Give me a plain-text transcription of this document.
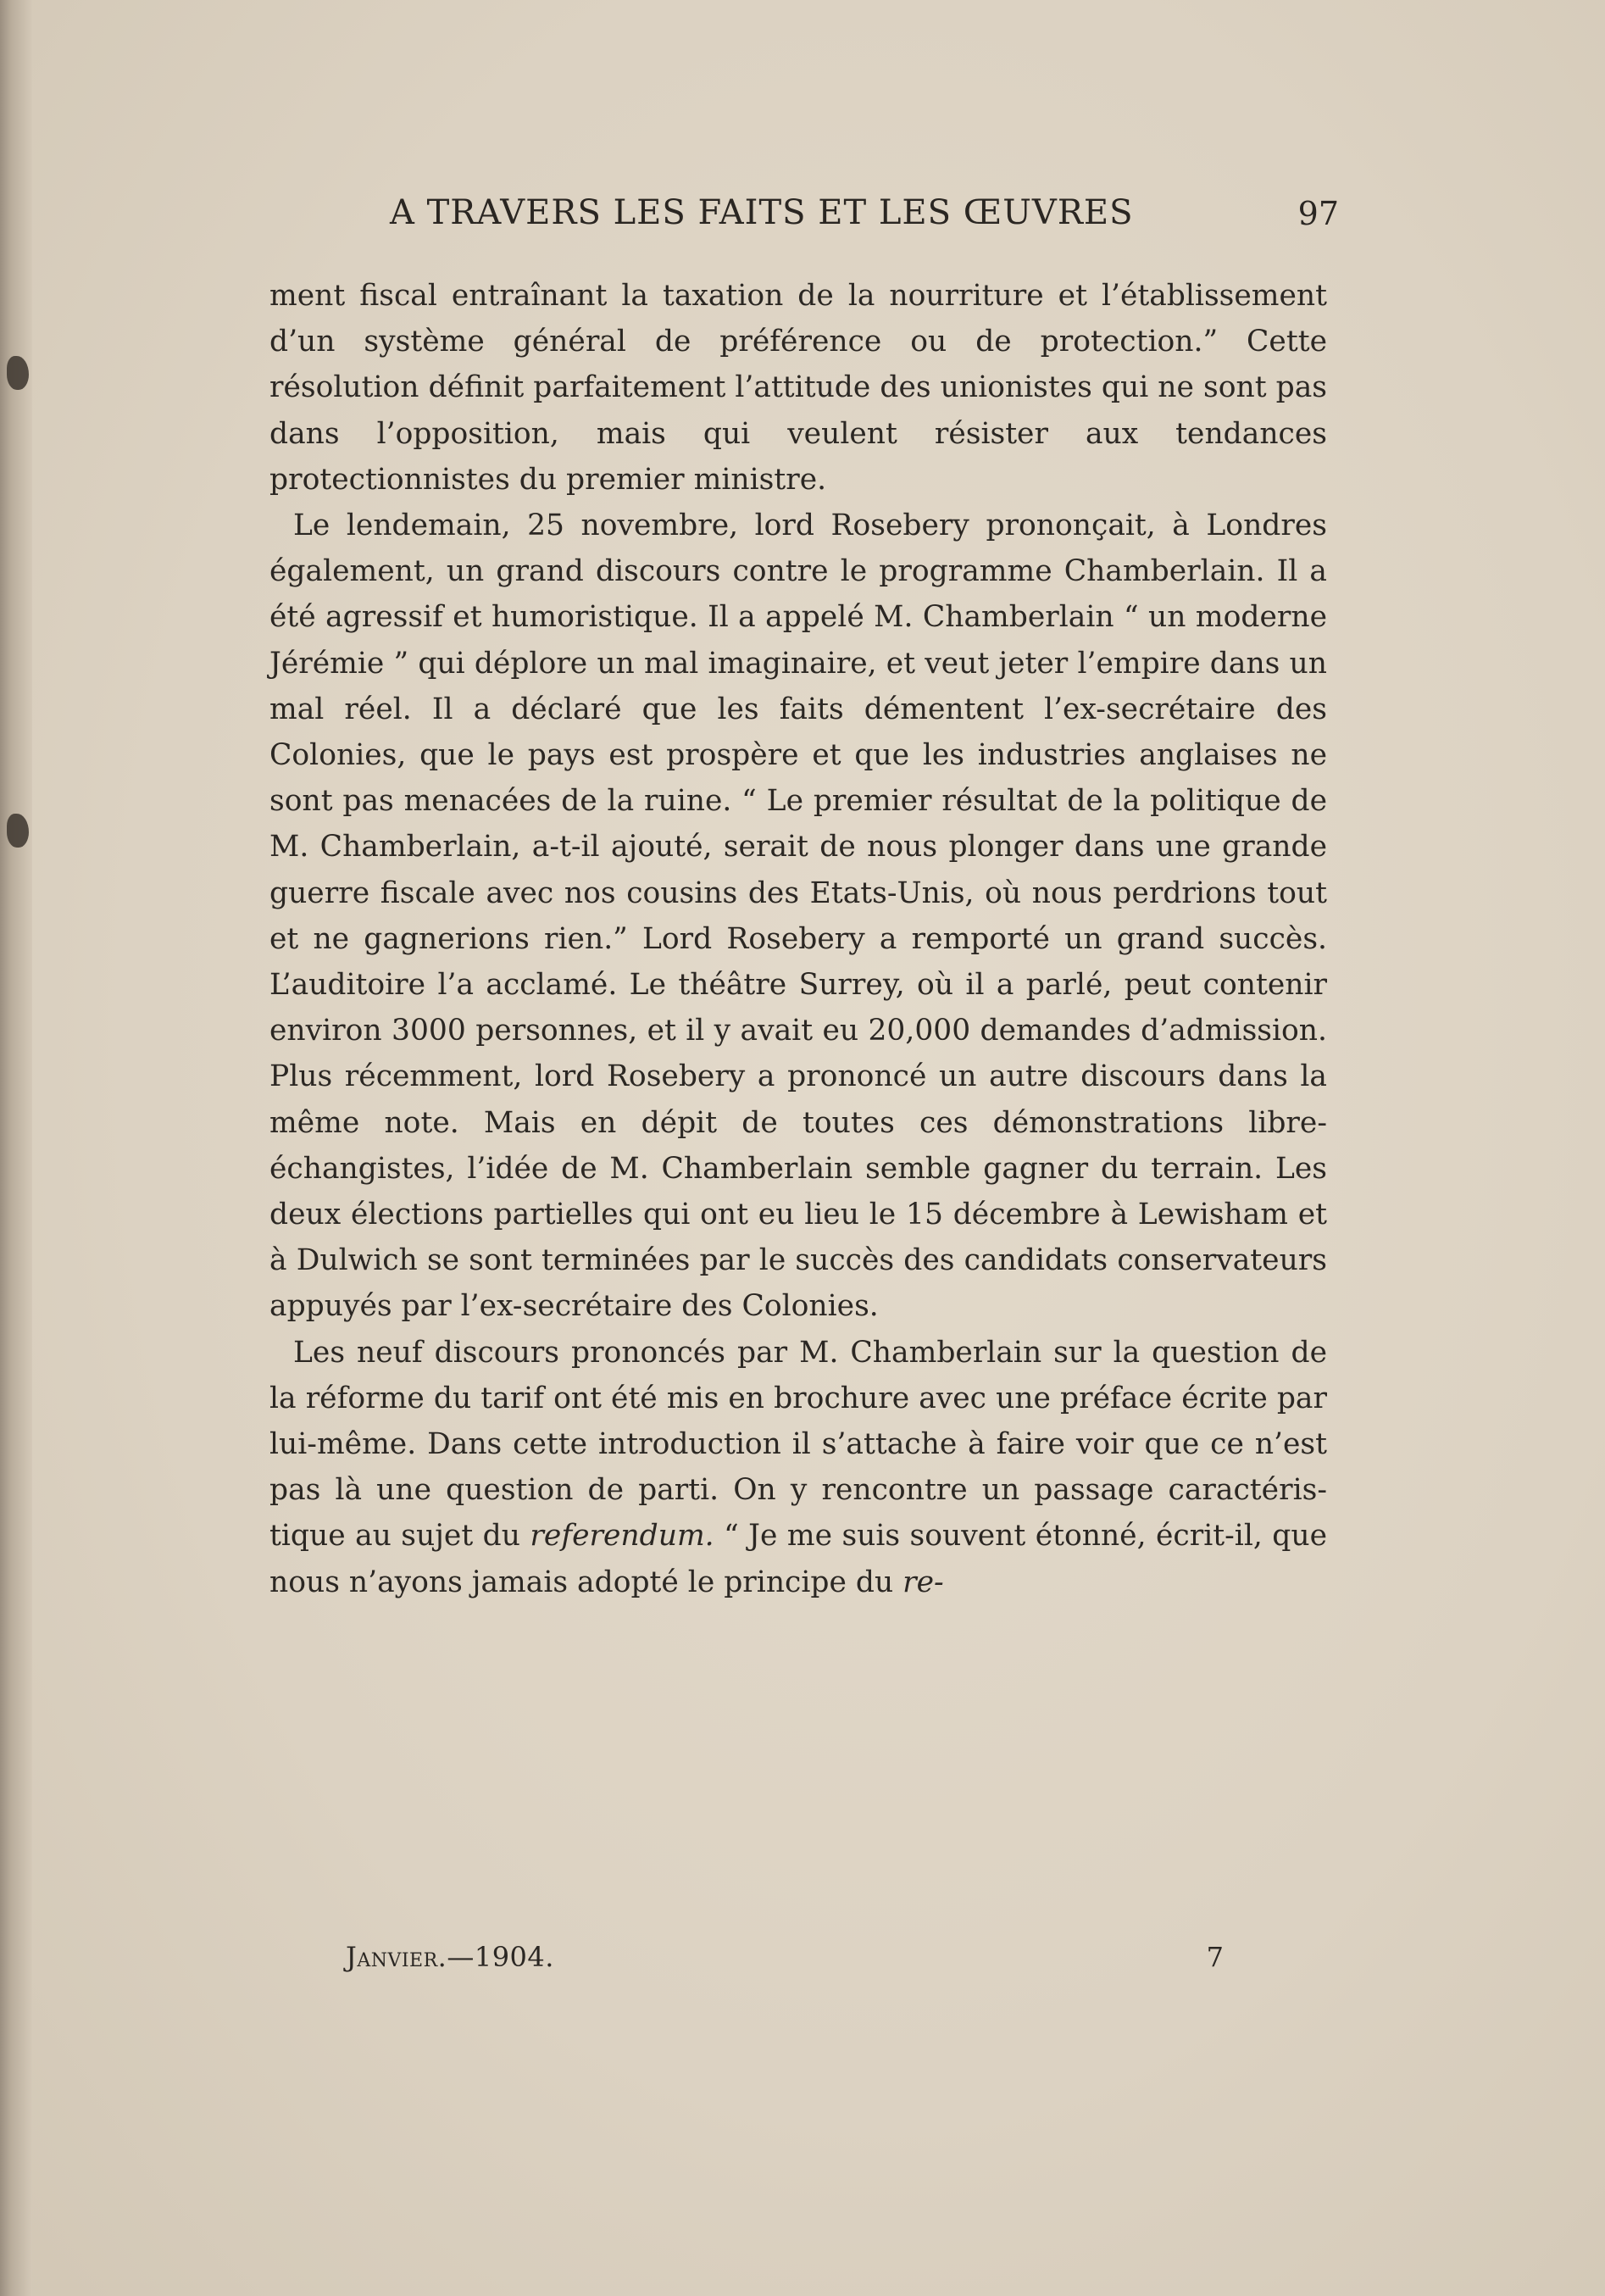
A TRAVERS LES FAITS ET LES ŒUVRES	97

ment fiscal entraînant la taxation de la nourriture et l’établissement d’un système général de préférence ou de protection.” Cette résolution définit parfaitement l’attitude des unionistes qui ne sont pas dans l’opposition, mais qui veulent résister aux tendances protectionnistes du premier ministre.

Le lendemain, 25 novembre, lord Rosebery prononçait, à Londres également, un grand discours contre le programme Chamberlain. Il a été agressif et humoristique. Il a appelé M. Chamberlain “ un moderne Jérémie ” qui déplore un mal imaginaire, et veut jeter l’empire dans un mal réel. Il a déclaré que les faits démentent l’ex-secrétaire des Colonies, que le pays est prospère et que les industries anglaises ne sont pas menacées de la ruine. “ Le premier résultat de la politique de M. Chamberlain, a-t-il ajouté, serait de nous plonger dans une grande guerre fiscale avec nos cousins des Etats-Unis, où nous perdrions tout et ne gagnerions rien.” Lord Rosebery a remporté un grand succès. L’auditoire l’a acclamé. Le théâtre Surrey, où il a parlé, peut contenir environ 3000 personnes, et il y avait eu 20,000 demandes d’admission. Plus récemment, lord Rosebery a prononcé un autre discours dans la même note. Mais en dépit de toutes ces démonstrations libre-échangistes, l’idée de M. Chamberlain semble gagner du terrain. Les deux élections partielles qui ont eu lieu le 15 décembre à Lewisham et à Dulwich se sont terminées par le succès des candidats conservateurs appuyés par l’ex-secrétaire des Colonies.

Les neuf discours prononcés par M. Chamberlain sur la question de la réforme du tarif ont été mis en brochure avec une préface écrite par lui-même. Dans cette introduction il s’attache à faire voir que ce n’est pas là une question de parti. On y rencontre un passage caractéristique au sujet du referendum. “ Je me suis souvent étonné, écrit-il, que nous n’ayons jamais adopté le principe du re-

Janvier.—1904.	7
